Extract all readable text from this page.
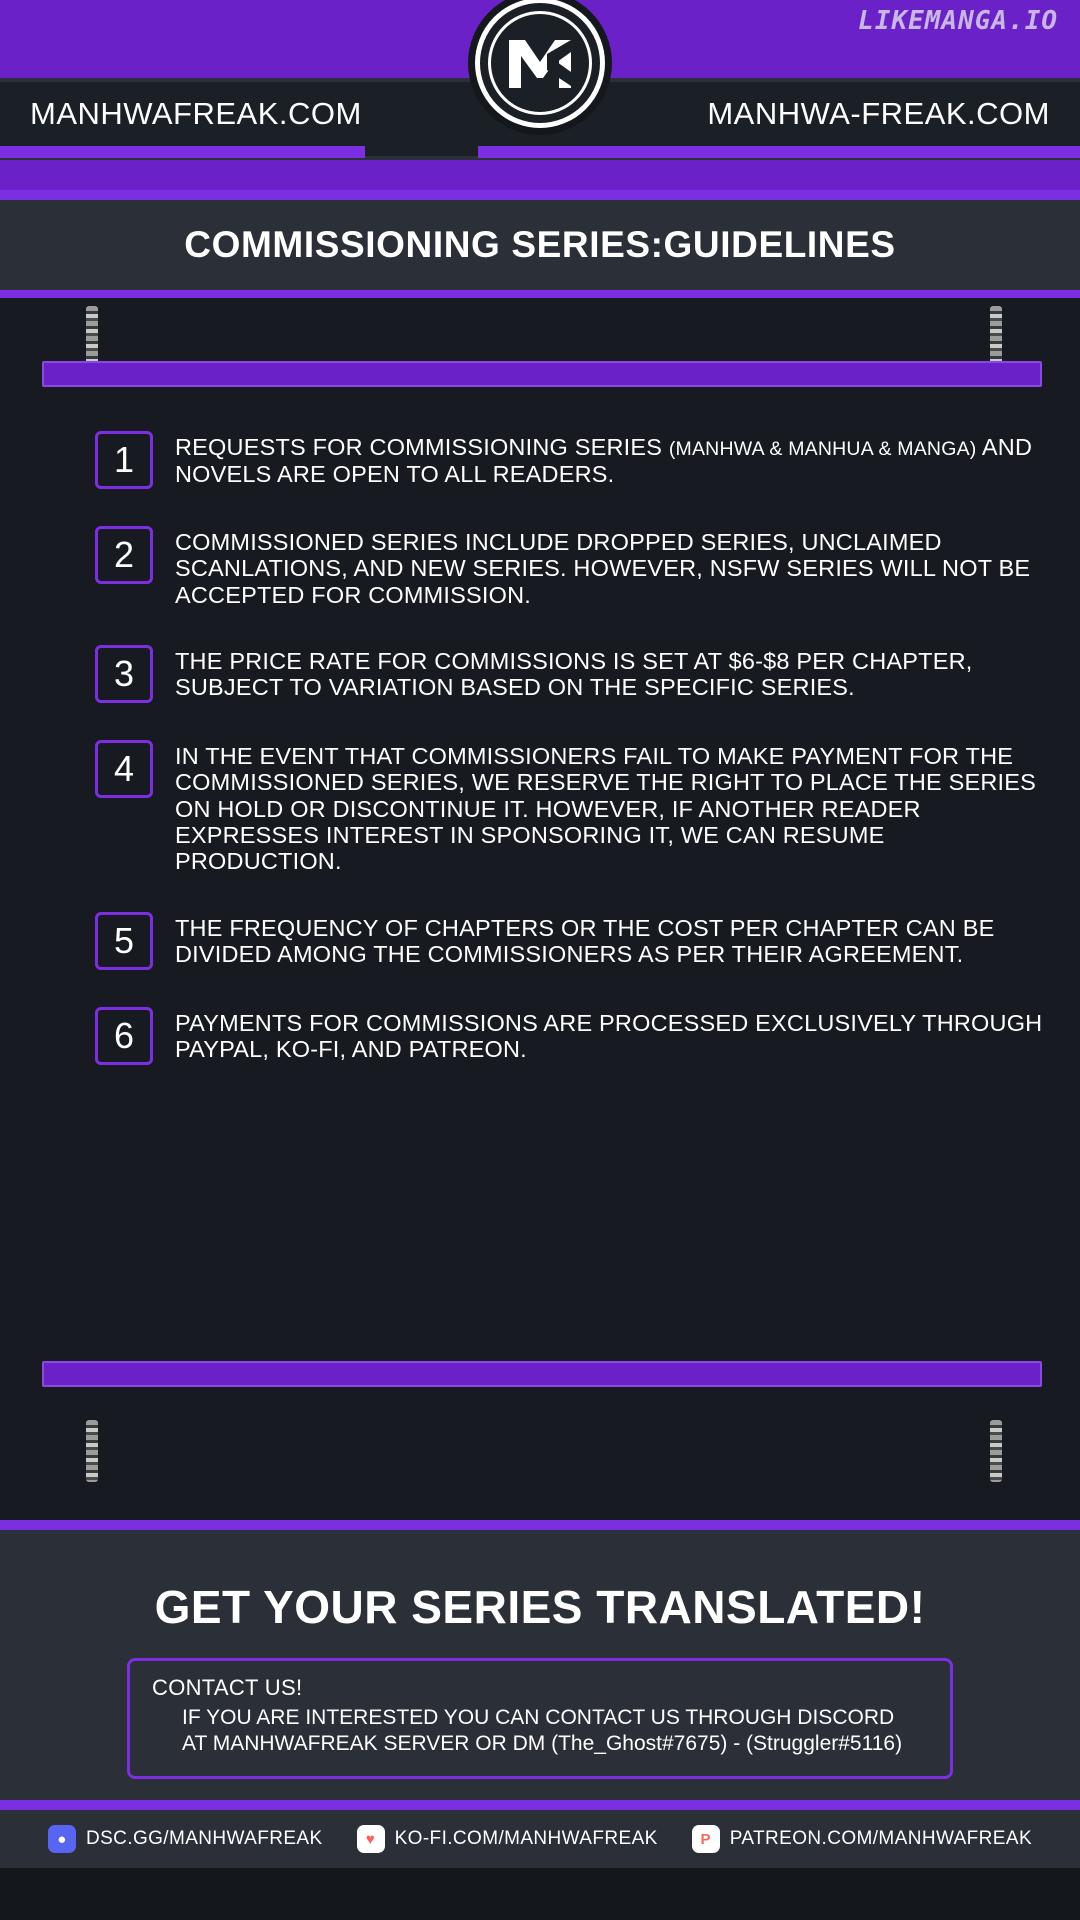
LIKEMANGA.IO
MANHWAFREAK.COM	MANHWA-FREAK.COM
COMMISSIONING SERIES:GUIDELINES
1	REQUESTS FOR COMMISSIONING SERIES (MANHWA & MANHUA & MANGA) AND NOVELS ARE OPEN TO ALL READERS.
2	COMMISSIONED SERIES INCLUDE DROPPED SERIES, UNCLAIMED SCANLATIONS, AND NEW SERIES. HOWEVER, NSFW SERIES WILL NOT BE ACCEPTED FOR COMMISSION.
3	THE PRICE RATE FOR COMMISSIONS IS SET AT $6-$8 PER CHAPTER, SUBJECT TO VARIATION BASED ON THE SPECIFIC SERIES.
4	IN THE EVENT THAT COMMISSIONERS FAIL TO MAKE PAYMENT FOR THE COMMISSIONED SERIES, WE RESERVE THE RIGHT TO PLACE THE SERIES ON HOLD OR DISCONTINUE IT. HOWEVER, IF ANOTHER READER EXPRESSES INTEREST IN SPONSORING IT, WE CAN RESUME PRODUCTION.
5	THE FREQUENCY OF CHAPTERS OR THE COST PER CHAPTER CAN BE DIVIDED AMONG THE COMMISSIONERS AS PER THEIR AGREEMENT.
6	PAYMENTS FOR COMMISSIONS ARE PROCESSED EXCLUSIVELY THROUGH PAYPAL, KO-FI, AND PATREON.
GET YOUR SERIES TRANSLATED!
CONTACT US!
IF YOU ARE INTERESTED YOU CAN CONTACT US THROUGH DISCORD
AT MANHWAFREAK SERVER OR DM (The_Ghost#7675) - (Struggler#5116)
●	DSC.GG/MANHWAFREAK	♥	KO-FI.COM/MANHWAFREAK	P PATREON.COM/MANHWAFREAK
